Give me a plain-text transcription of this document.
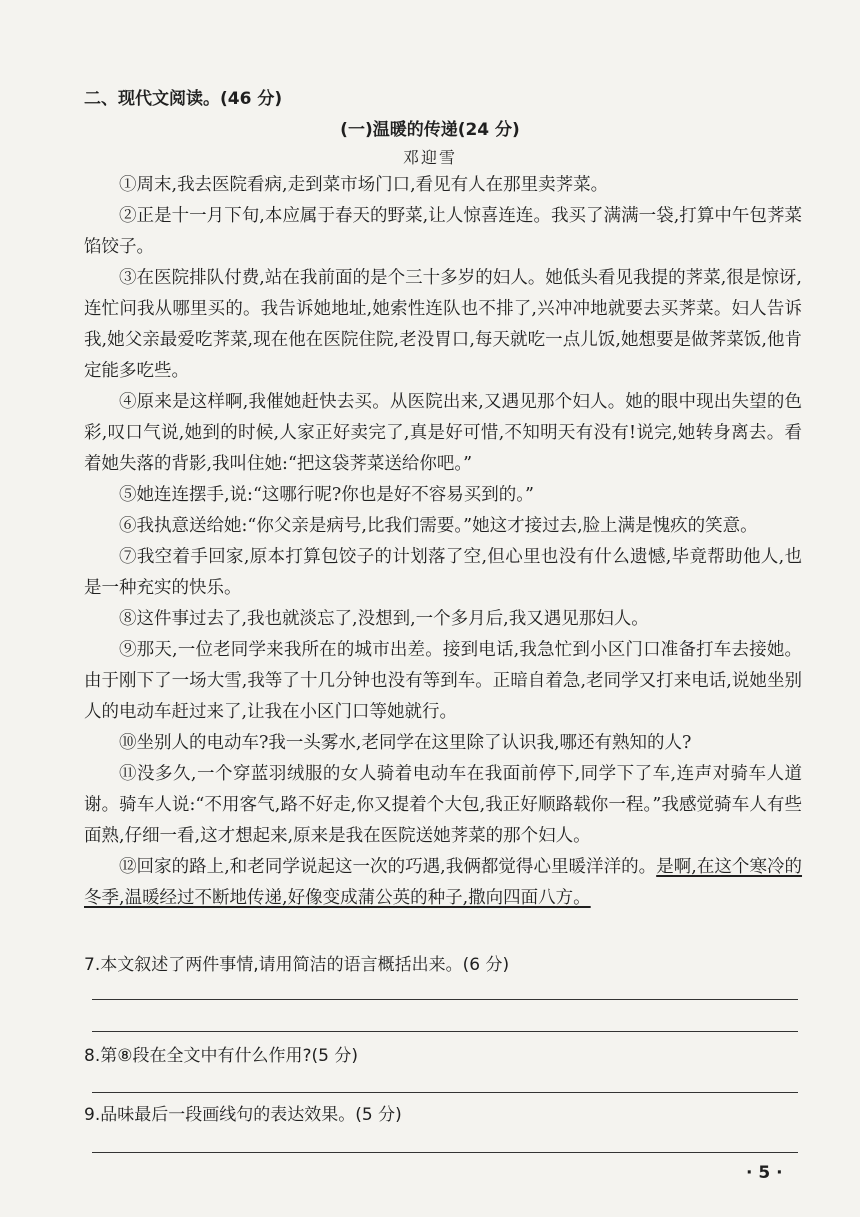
二、现代文阅读。(46 分)
(一)温暖的传递(24 分)
邓迎雪

①周末,我去医院看病,走到菜市场门口,看见有人在那里卖荠菜。

②正是十一月下旬,本应属于春天的野菜,让人惊喜连连。我买了满满一袋,打算中午包荠菜馅饺子。

③在医院排队付费,站在我前面的是个三十多岁的妇人。她低头看见我提的荠菜,很是惊讶,连忙问我从哪里买的。我告诉她地址,她索性连队也不排了,兴冲冲地就要去买荠菜。妇人告诉我,她父亲最爱吃荠菜,现在他在医院住院,老没胃口,每天就吃一点儿饭,她想要是做荠菜饭,他肯定能多吃些。

④原来是这样啊,我催她赶快去买。从医院出来,又遇见那个妇人。她的眼中现出失望的色彩,叹口气说,她到的时候,人家正好卖完了,真是好可惜,不知明天有没有!说完,她转身离去。看着她失落的背影,我叫住她:“把这袋荠菜送给你吧。”

⑤她连连摆手,说:“这哪行呢?你也是好不容易买到的。”

⑥我执意送给她:“你父亲是病号,比我们需要。”她这才接过去,脸上满是愧疚的笑意。

⑦我空着手回家,原本打算包饺子的计划落了空,但心里也没有什么遗憾,毕竟帮助他人,也是一种充实的快乐。

⑧这件事过去了,我也就淡忘了,没想到,一个多月后,我又遇见那妇人。

⑨那天,一位老同学来我所在的城市出差。接到电话,我急忙到小区门口准备打车去接她。由于刚下了一场大雪,我等了十几分钟也没有等到车。正暗自着急,老同学又打来电话,说她坐别人的电动车赶过来了,让我在小区门口等她就行。

⑩坐别人的电动车?我一头雾水,老同学在这里除了认识我,哪还有熟知的人?

⑪没多久,一个穿蓝羽绒服的女人骑着电动车在我面前停下,同学下了车,连声对骑车人道谢。骑车人说:“不用客气,路不好走,你又提着个大包,我正好顺路载你一程。”我感觉骑车人有些面熟,仔细一看,这才想起来,原来是我在医院送她荠菜的那个妇人。

⑫回家的路上,和老同学说起这一次的巧遇,我俩都觉得心里暖洋洋的。是啊,在这个寒冷的冬季,温暖经过不断地传递,好像变成蒲公英的种子,撒向四面八方。

7.本文叙述了两件事情,请用简洁的语言概括出来。(6 分)
8.第⑧段在全文中有什么作用?(5 分)
9.品味最后一段画线句的表达效果。(5 分)
· 5 ·
